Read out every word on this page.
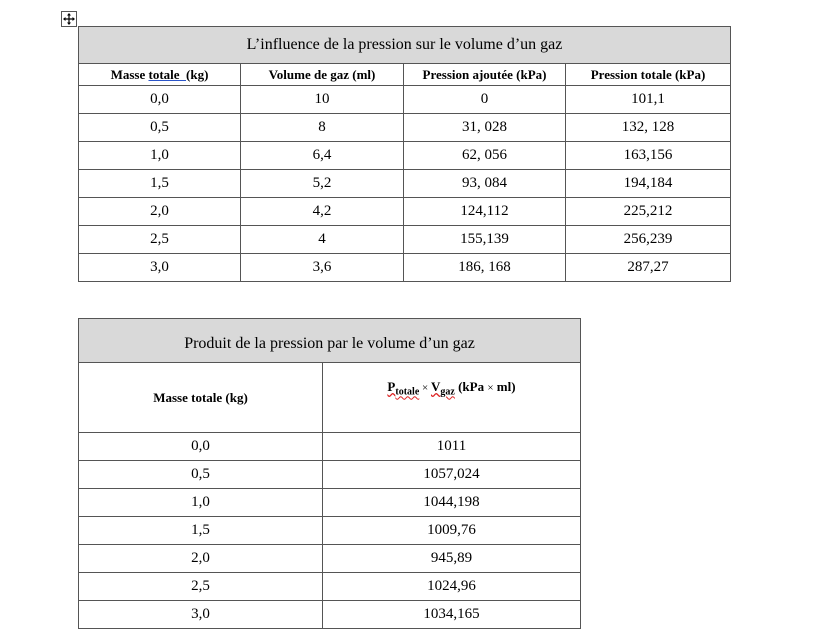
L’influence de la pression sur le volume d’un gaz			
Masse totale  (kg)	Volume de gaz (ml)	Pression ajoutée (kPa)	Pression totale (kPa)
0,0	10	0	101,1
0,5	8	31, 028	132, 128
1,0	6,4	62, 056	163,156
1,5	5,2	93, 084	194,184
2,0	4,2	124,112	225,212
2,5	4	155,139	256,239
3,0	3,6	186, 168	287,27
Produit de la pression par le volume d’un gaz	
Masse totale (kg)	$P_{totale} \times V_{gaz}$ (kPa × ml)
0,0	1011
0,5	1057,024
1,0	1044,198
1,5	1009,76
2,0	945,89
2,5	1024,96
3,0	1034,165
